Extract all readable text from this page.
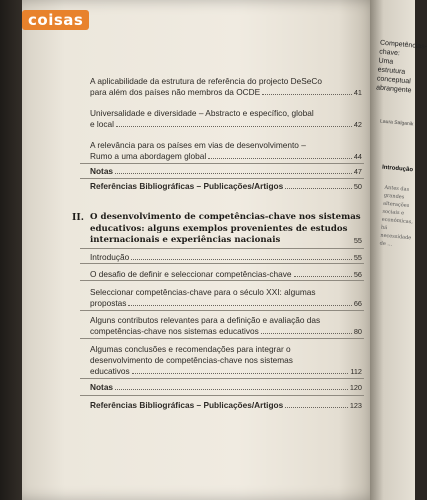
Competências-chave: Uma estrutura conceptual abrangente
Laura Salganik
Introdução
Antes das grandes alterações sociais e económicas, há necessidade de ...
coisas
A aplicabilidade da estrutura de referência do projecto DeSeCo
para além dos países não membros da OCDE	41
Universalidade e diversidade – Abstracto e específico, global
e local	42
A relevância para os países em vias de desenvolvimento –
Rumo a uma abordagem global	44
Notas	47
Referências Bibliográficas – Publicações/Artigos	50
II. O desenvolvimento de competências-chave nos sistemas educativos: alguns exemplos provenientes de estudos internacionais e experiências nacionais	55
Introdução	55
O desafio de definir e seleccionar competências-chave	56
Seleccionar competências-chave para o século XXI: algumas
propostas	66
Alguns contributos relevantes para a definição e avaliação das
competências-chave nos sistemas educativos	80
Algumas conclusões e recomendações para integrar o
desenvolvimento de competências-chave nos sistemas
educativos	112
Notas	120
Referências Bibliográficas – Publicações/Artigos	123
